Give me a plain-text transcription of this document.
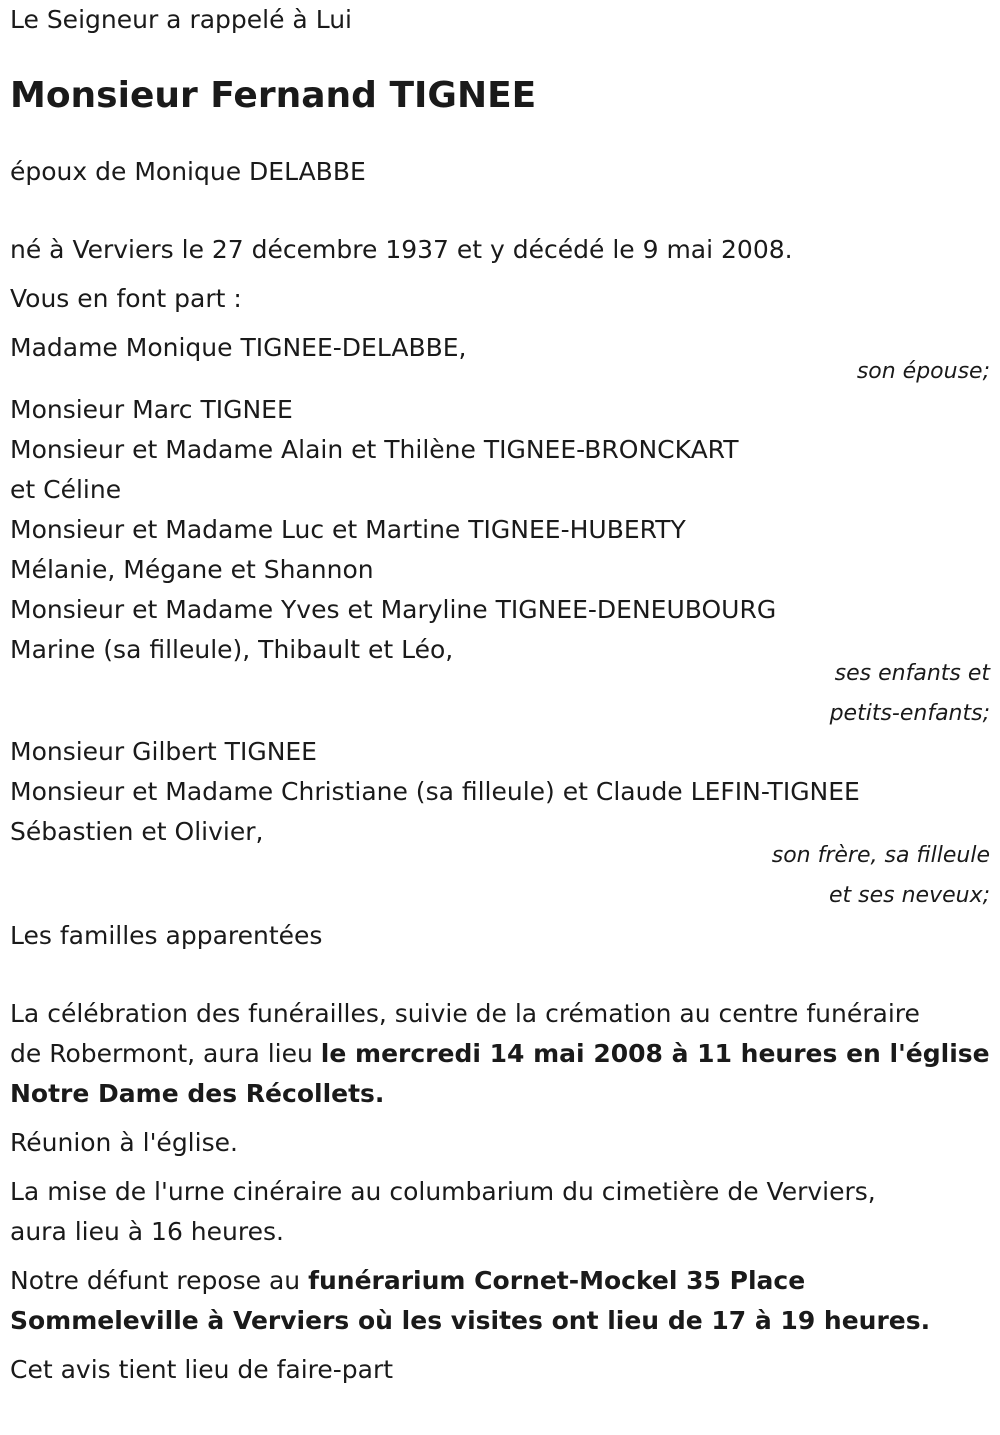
Le Seigneur a rappelé à Lui

Monsieur Fernand TIGNEE

époux de Monique DELABBE

né à Verviers le 27 décembre 1937 et y décédé le 9 mai 2008.

Vous en font part :

Madame Monique TIGNEE-DELABBE,

son épouse;

Monsieur Marc TIGNEE

Monsieur et Madame Alain et Thilène TIGNEE-BRONCKART

et Céline

Monsieur et Madame Luc et Martine TIGNEE-HUBERTY

Mélanie, Mégane et Shannon

Monsieur et Madame Yves et Maryline TIGNEE-DENEUBOURG

Marine (sa filleule), Thibault et Léo,

ses enfants et

petits-enfants;

Monsieur Gilbert TIGNEE

Monsieur et Madame Christiane (sa filleule) et Claude LEFIN-TIGNEE

Sébastien et Olivier,

son frère, sa filleule

et ses neveux;

Les familles apparentées

La célébration des funérailles, suivie de la crémation au centre funéraire

de Robermont, aura lieu le mercredi 14 mai 2008 à 11 heures en l'église

Notre Dame des Récollets.

Réunion à l'église.

La mise de l'urne cinéraire au columbarium du cimetière de Verviers,

aura lieu à 16 heures.

Notre défunt repose au funérarium Cornet-Mockel 35 Place

Sommeleville à Verviers où les visites ont lieu de 17 à 19 heures.

Cet avis tient lieu de faire-part
